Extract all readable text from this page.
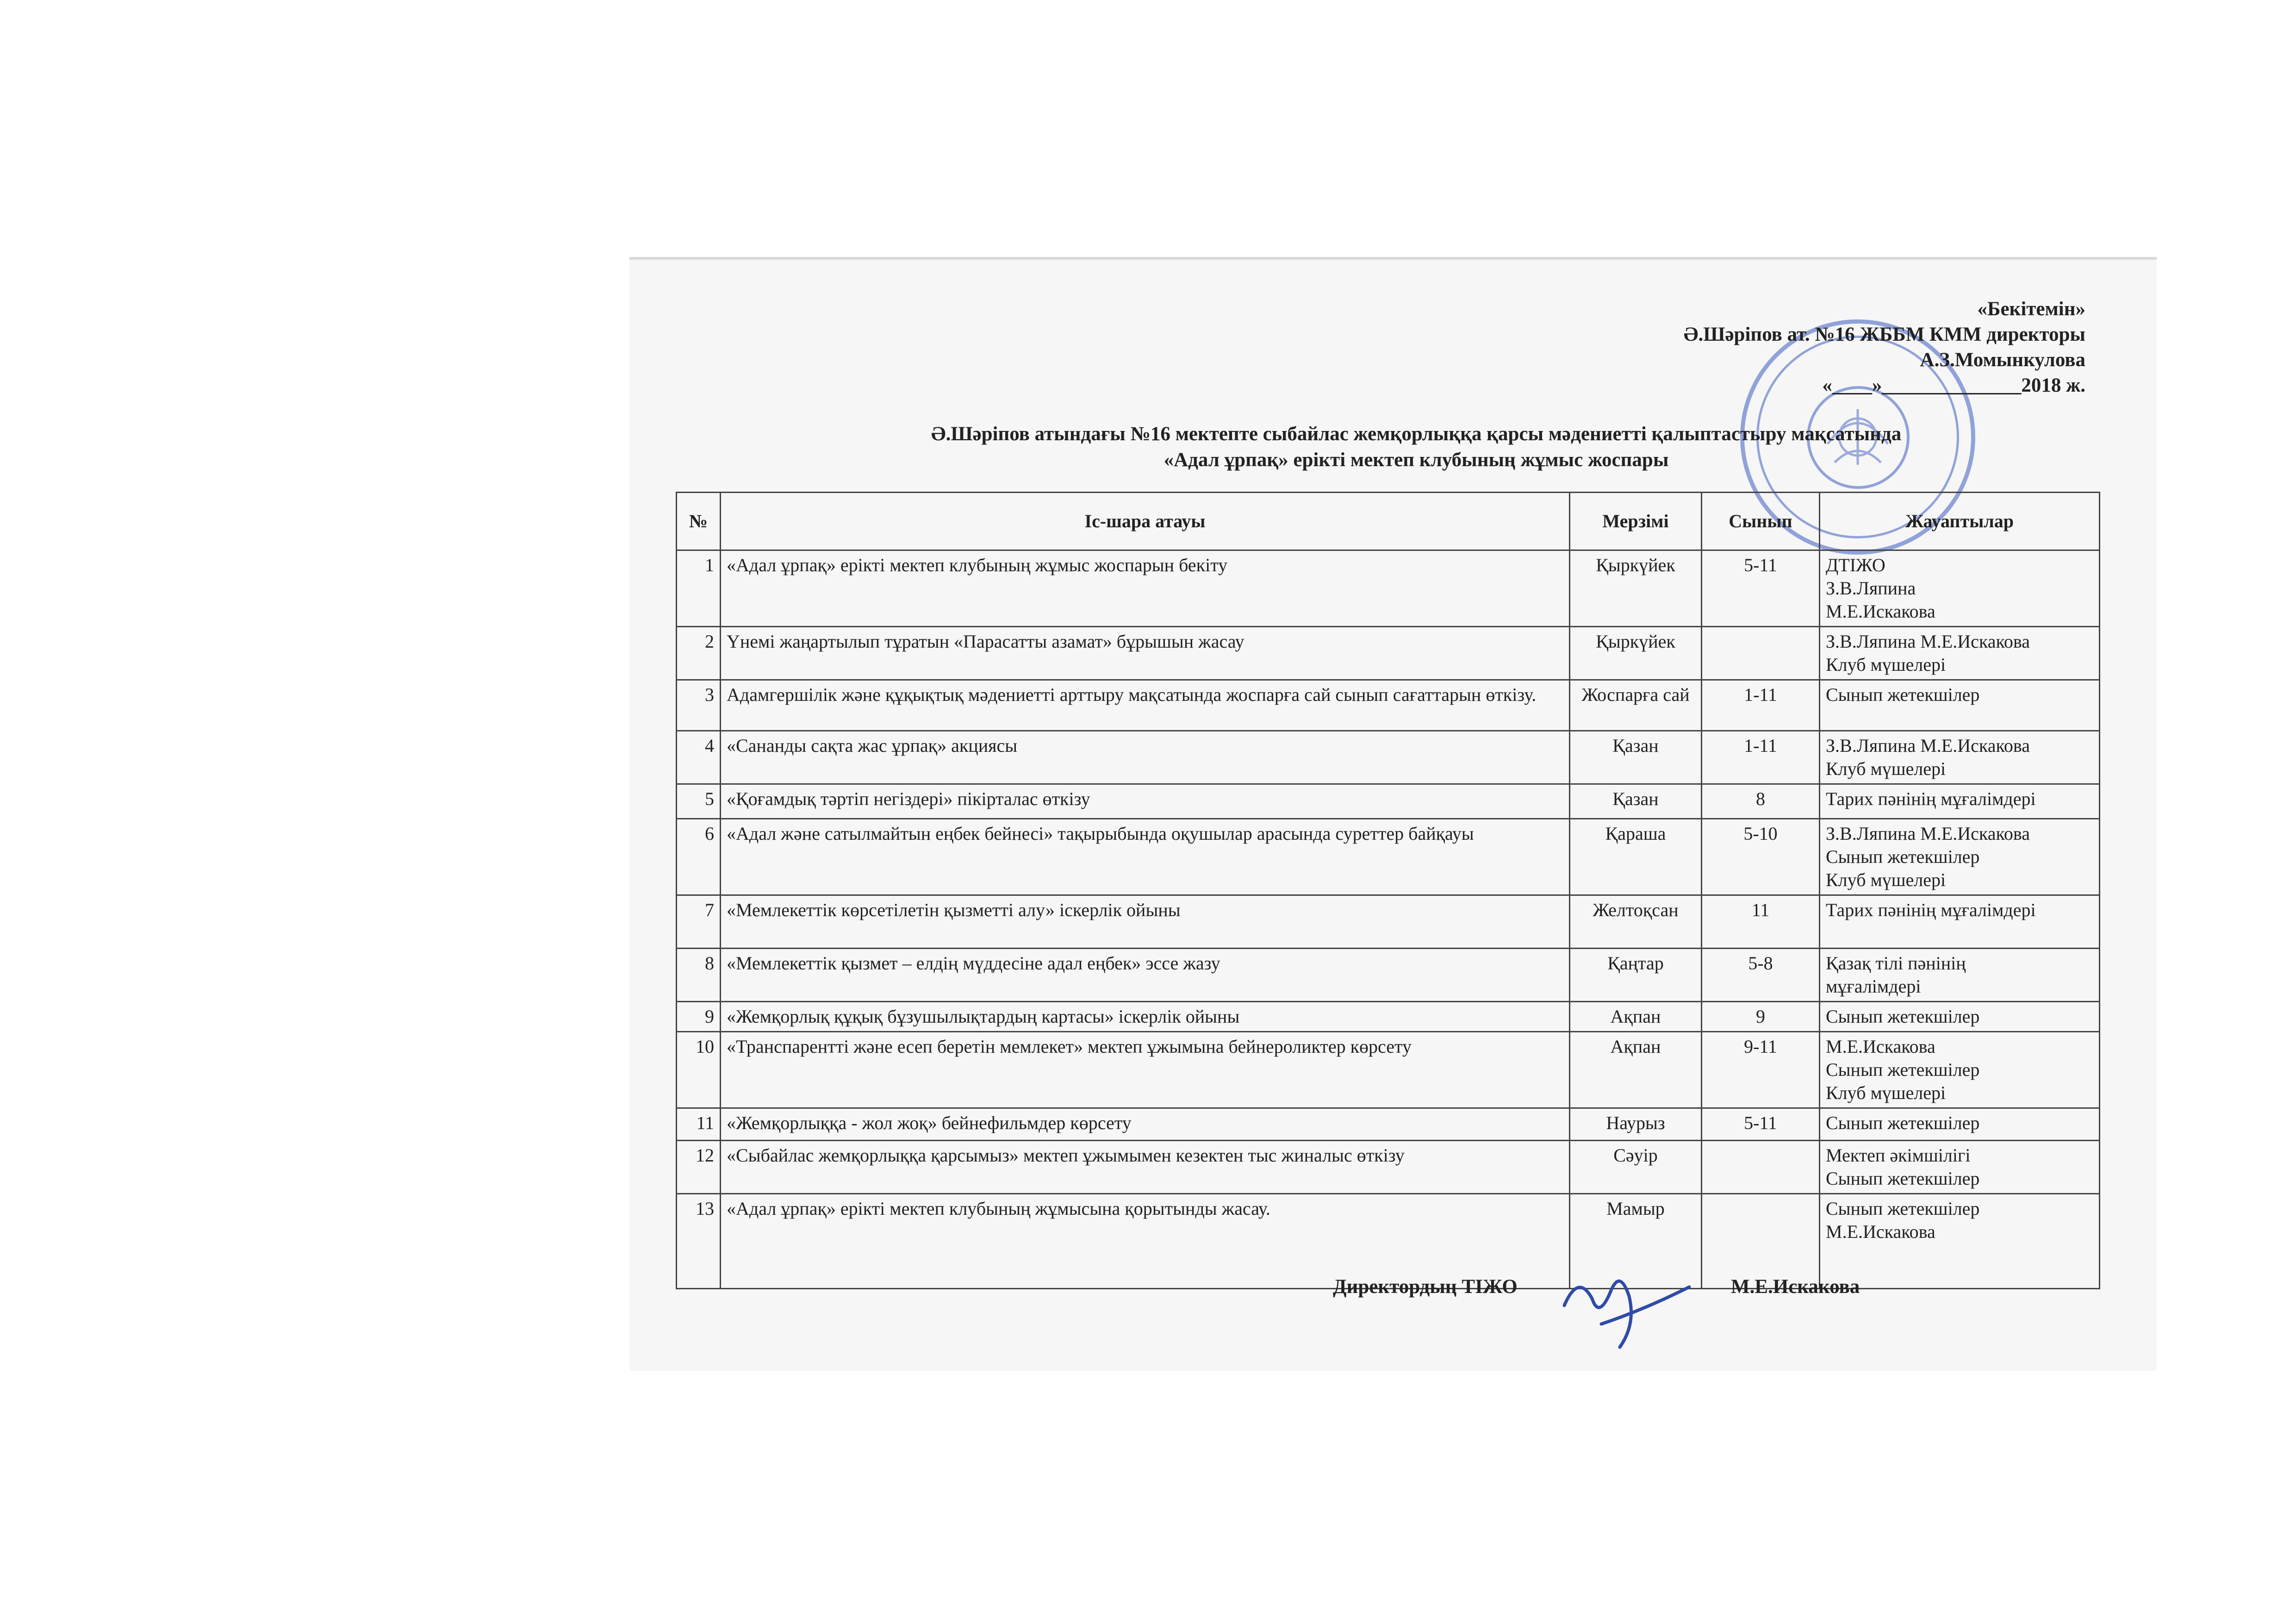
«Бекітемін»
Ә.Шәріпов ат. №16 ЖББМ КММ директоры
А.З.Момынкулова
«____»______________2018 ж.
Ә.Шәріпов атындағы №16 мектепте сыбайлас жемқорлыққа қарсы мәдениетті қалыптастыру мақсатында
«Адал ұрпақ» ерікті мектеп клубының жұмыс жоспары
№	Іс-шара атауы	Мерзімі	Сынып	Жауаптылар
1	«Адал ұрпақ» ерікті мектеп клубының жұмыс жоспарын бекіту	Қыркүйек	5-11	ДТІЖО
З.В.Ляпина
М.Е.Искакова

2	Үнемі жаңартылып тұратын «Парасатты азамат» бұрышын жасау	Қыркүйек		З.В.Ляпина М.Е.Искакова
Клуб мүшелері

3	Адамгершілік және құқықтық мәдениетті арттыру мақсатында жоспарға сай сынып сағаттарын өткізу.	Жоспарға сай	1-11	Сынып жетекшілер

4	«Сананды сақта жас ұрпақ» акциясы	Қазан	1-11	З.В.Ляпина М.Е.Искакова
Клуб мүшелері

5	«Қоғамдық тәртіп негіздері» пікірталас өткізу	Қазан	8	Тарих пәнінің мұғалімдері

6	«Адал және сатылмайтын еңбек бейнесі» тақырыбында оқушылар арасында суреттер байқауы	Қараша	5-10	З.В.Ляпина М.Е.Искакова
Сынып жетекшілер
Клуб мүшелері

7	«Мемлекеттік көрсетілетін қызметті алу» іскерлік ойыны	Желтоқсан	11	Тарих пәнінің мұғалімдері

8	«Мемлекеттік қызмет – елдің мүддесіне адал еңбек» эссе жазу	Қаңтар	5-8	Қазақ тілі пәнінің
мұғалімдері

9	«Жемқорлық құқық бұзушылықтардың картасы» іскерлік ойыны	Ақпан	9	Сынып жетекшілер

10	«Транспарентті және есеп беретін мемлекет» мектеп ұжымына бейнероликтер көрсету	Ақпан	9-11	М.Е.Искакова
Сынып жетекшілер
Клуб мүшелері

11	«Жемқорлыққа - жол жоқ» бейнефильмдер көрсету	Наурыз	5-11	Сынып жетекшілер

12	«Сыбайлас жемқорлыққа қарсымыз» мектеп ұжымымен кезектен тыс жиналыс өткізу	Сәуір		Мектеп әкімшілігі
Сынып жетекшілер

13	«Адал ұрпақ» ерікті мектеп клубының жұмысына қорытынды жасау.	Мамыр		Сынып жетекшілер
М.Е.Искакова
Директордың ТІЖО	М.Е.Искакова
